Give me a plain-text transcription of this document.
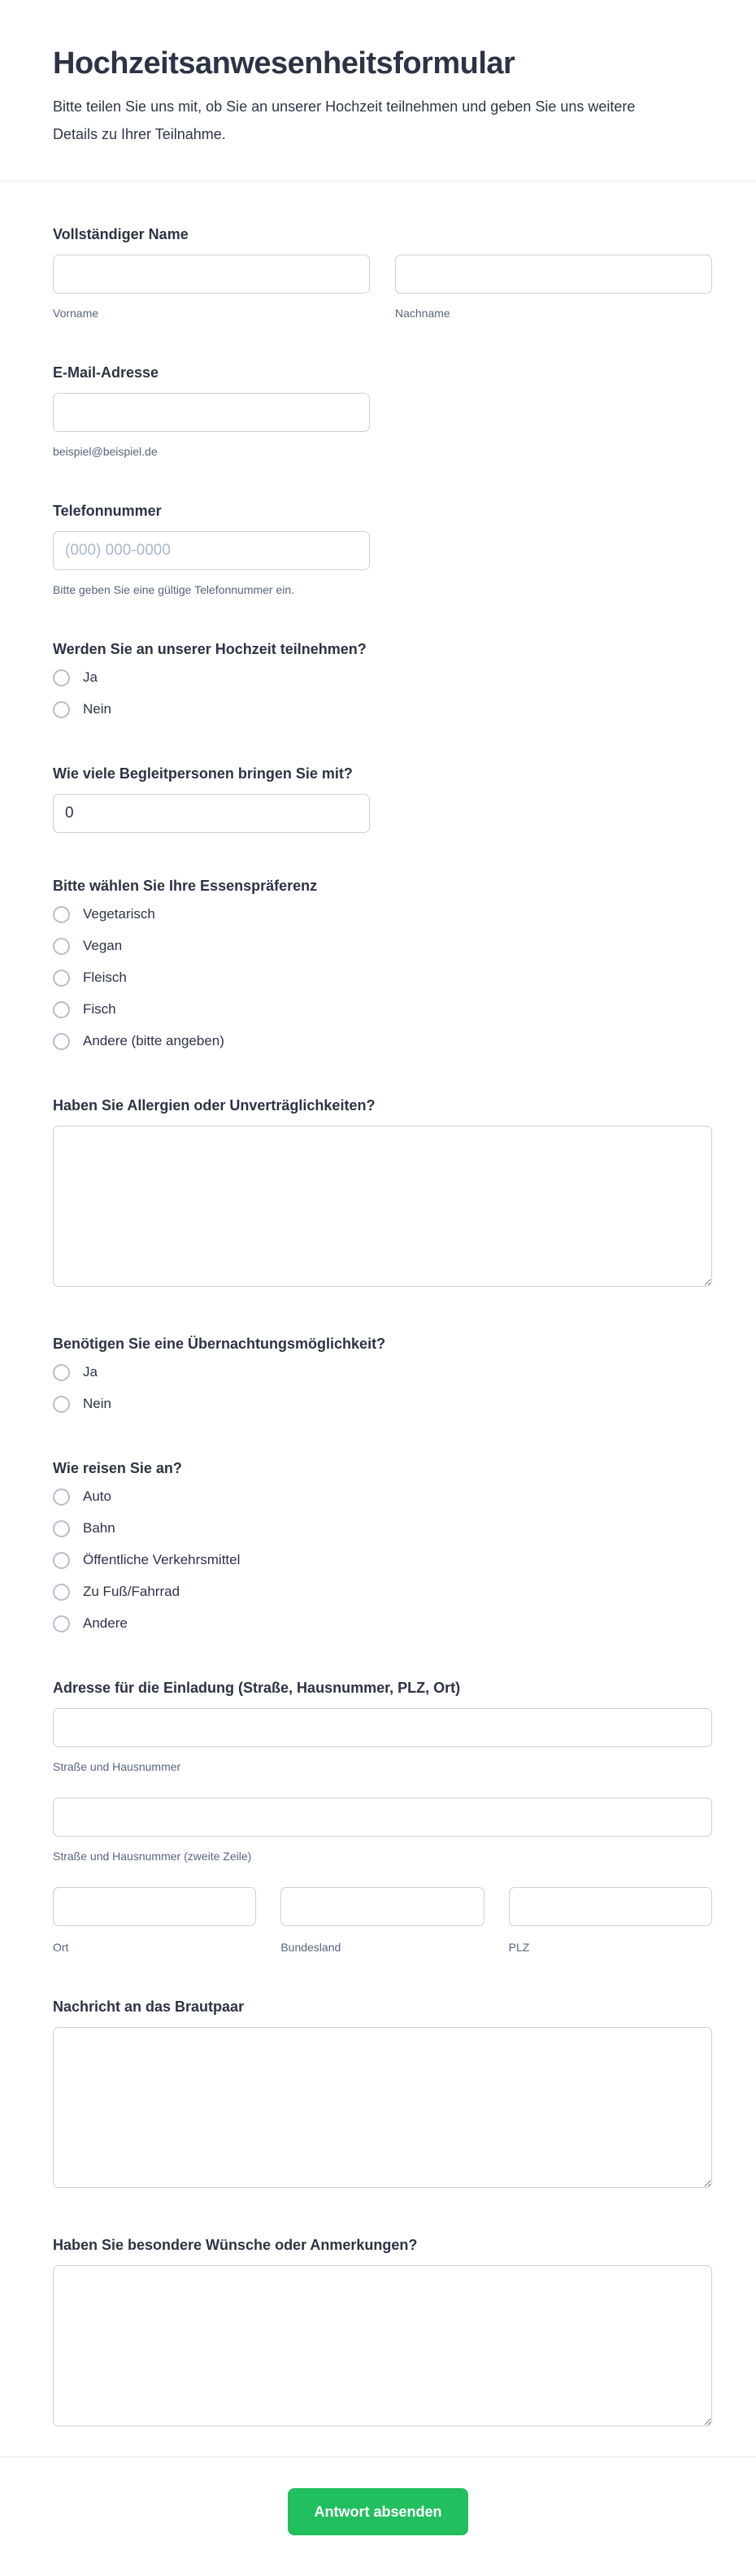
Hochzeitsanwesenheitsformular

Bitte teilen Sie uns mit, ob Sie an unserer Hochzeit teilnehmen und geben Sie uns weitere Details zu Ihrer Teilnahme.

Vollständiger Name
Vorname	Nachname
E-Mail-Adresse
beispiel@beispiel.de
Telefonnummer
(000) 000-0000
Bitte geben Sie eine gültige Telefonnummer ein.
Werden Sie an unserer Hochzeit teilnehmen?
Ja
Nein
Wie viele Begleitpersonen bringen Sie mit?
0
Bitte wählen Sie Ihre Essenspräferenz
Vegetarisch
Vegan
Fleisch
Fisch
Andere (bitte angeben)
Haben Sie Allergien oder Unverträglichkeiten?
Benötigen Sie eine Übernachtungsmöglichkeit?
Ja
Nein
Wie reisen Sie an?
Auto
Bahn
Öffentliche Verkehrsmittel
Zu Fuß/Fahrrad
Andere
Adresse für die Einladung (Straße, Hausnummer, PLZ, Ort)
Straße und Hausnummer
Straße und Hausnummer (zweite Zeile)
Ort	Bundesland	PLZ
Nachricht an das Brautpaar
Haben Sie besondere Wünsche oder Anmerkungen?
Antwort absenden
